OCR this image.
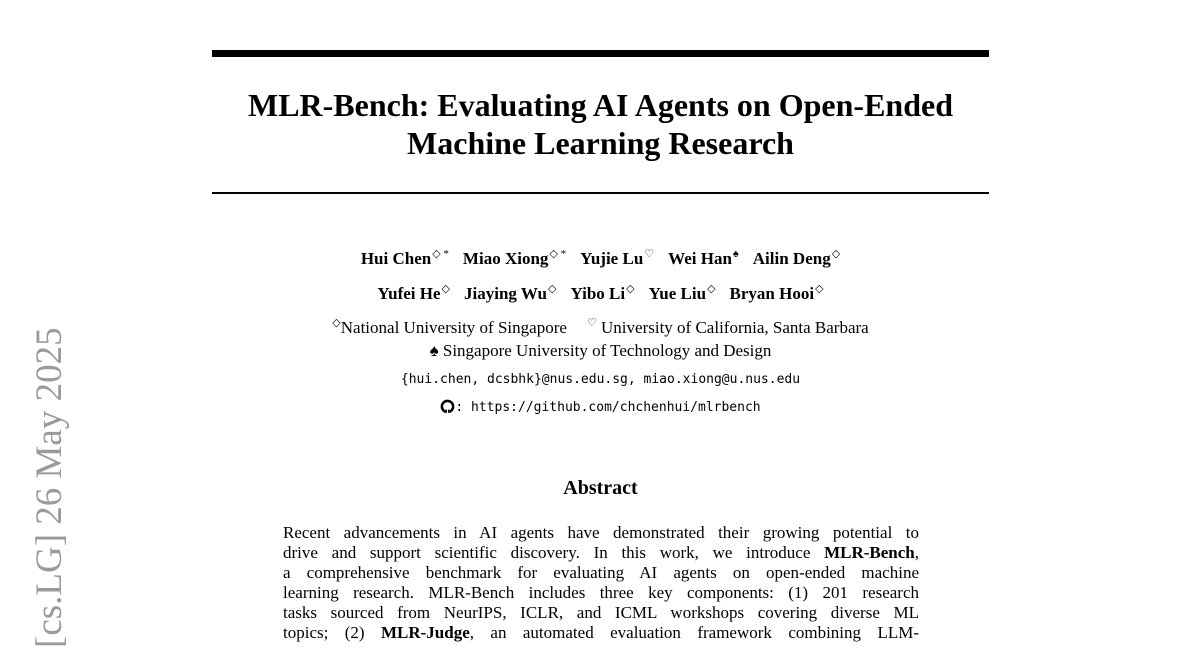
[cs.LG] 26 May 2025
MLR-Bench: Evaluating AI Agents on Open-Ended
Machine Learning Research
Hui Chen◇ * Miao Xiong◇ * Yujie Lu♡ Wei Han♠ Ailin Deng◇
Yufei He◇ Jiaying Wu◇ Yibo Li◇ Yue Liu◇ Bryan Hooi◇
◇National University of Singapore ♡ University of California, Santa Barbara
♠ Singapore University of Technology and Design
{hui.chen, dcsbhk}@nus.edu.sg, miao.xiong@u.nus.edu
: https://github.com/chchenhui/mlrbench
Abstract
Recent advancements in AI agents have demonstrated their growing potential to
drive and support scientific discovery. In this work, we introduce MLR-Bench,
a comprehensive benchmark for evaluating AI agents on open-ended machine
learning research. MLR-Bench includes three key components: (1) 201 research
tasks sourced from NeurIPS, ICLR, and ICML workshops covering diverse ML
topics; (2) MLR-Judge, an automated evaluation framework combining LLM-
